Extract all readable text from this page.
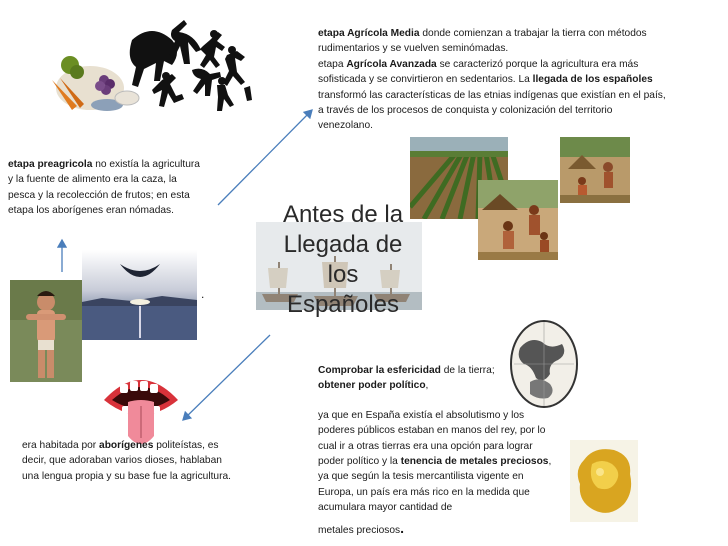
etapa Agrícola Media donde comienzan a trabajar la tierra con métodos rudimentarios y se vuelven seminómadas.
etapa Agrícola Avanzada se caracterizó porque la agricultura era más sofisticada y se convirtieron en sedentarios. La llegada de los españoles transformó las características de las etnias indígenas que existían en el país, a través de los procesos de conquista y colonización del territorio venezolano.
etapa preagricola no existía la agricultura y la fuente de alimento era la caza, la pesca y la recolección de frutos; en esta etapa los aborígenes eran nómadas.	Antes de la
Llegada de
los
Españoles
.
era habitada por aborígenes politeístas, es decir, que adoraban varios dioses, hablaban una lengua propia y su base fue la agricultura.
Comprobar la esfericidad de la tierra;
obtener poder político,
ya que en España existía el absolutismo y los poderes públicos estaban en manos del rey, por lo cual ir a otras tierras era una opción para lograr poder político y la tenencia de metales preciosos, ya que según la tesis mercantilista vigente en Europa, un país era más rico en la medida que acumulara mayor cantidad de
metales preciosos.
